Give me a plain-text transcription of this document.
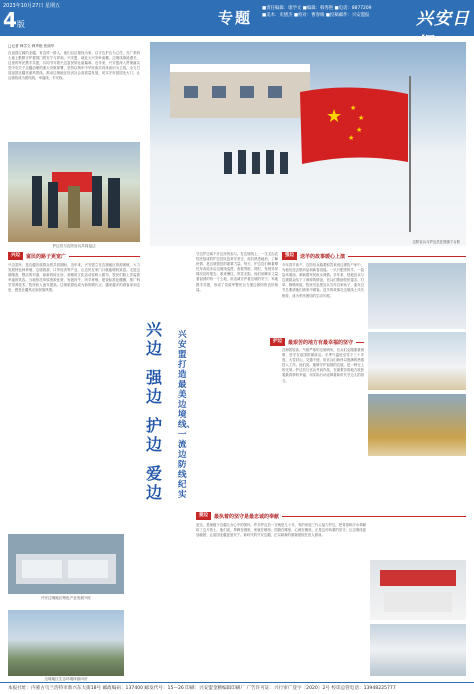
2023年10月27日 星期五
4版	专题
■责任编辑：康学文 ■编辑：韩秀艳 ■电话：8877209
■美术：史德杰 ■校对：曹春梅 ■投稿邮件：兴安盟报	兴安日
□记者 韩学文 韩秀艳 张丽华
在祖国辽阔的北疆，有这样一群人，他们以边境线为家，以守边护边为己任，在广袤的土地上默默守护着国门的安宁与祥和。兴安盟，地处大兴安岭南麓，边境线绵延漫长，这里的军民携手共建，共同书写着兴边富民的壮丽篇章。近年来，兴安盟深入贯彻落实党中央关于边疆治理的重大决策部署，坚持以铸牢中华民族共同体意识为主线，全力打造祖国北疆亮丽风景线，推动边境地区经济社会高质量发展，切实守好祖国北大门，让边境线成为团结线、幸福线、平安线。
★ ★
★
★
★
边防官兵与护边员在国旗下合影
护边员与边防官兵共同巡边
兴边	富民的路子更宽广
兴边富民，是边疆各族群众的共同期盼。近年来，兴安盟立足边境地区资源禀赋，大力发展特色种养殖、边境旅游、口岸经济等产业，让边民在家门口就能增收致富。走进边境嘎查，整洁的村道、崭新的砖瓦房、宽敞的文化活动室映入眼帘，牧民们脸上洋溢着幸福的笑容。当地依托草原资源优势，发展肉牛、肉羊养殖，建设标准化棚圈，推广科学饲养技术，牧民收入逐年提高。边境旅游也成为新的增长点，越来越多的游客来到这里，感受北疆风光和民族风情。
兴安边境地区特色产业发展兴旺
边境地区生态环境持续向好
兴边
强边
护边
爱边
兴安盟打造最美边境线、一流边防线纪实
守边护边离不开边民的参与。在边境线上，一支支由农牧民组成的护边员队伍常年坚守，他们熟悉地形，了解民情，是边境管控的重要力量。每天，护边员们骑着摩托车或徒步沿边境线巡逻，查看界桩、网栏，发现异常情况及时报告。寒来暑往，风雪无阻，他们用脚步丈量着祖国的每一寸土地，用忠诚守护着边境的安宁。军地携手共建，形成了党政军警民合力强边固防的良好格局。
强边	送羊的故事暖心上演
今年春节前夕，边防官兵踏着积雪来到边境牧户家中，为他们送去慰问品和新春祝福。一只只肥美的羊、一袋袋米面油，承载着军民鱼水深情。多年来，驻地官兵与边境群众结下了深厚的情谊，官兵们帮助牧民接羔、打草、修缮房屋，牧民们也把官兵当作自家孩子，逢年过节总要请他们到家中做客。送羊的故事在边境线上代代相传，成为军民团结的生动写照。
护边	最艰苦的地方有最幸福的坚守
在海拔较高、气候严寒的边境哨所，官兵们克服重重困难，坚守在祖国的最前沿。冬季气温低至零下三十多度，大雪封山，交通不便，但官兵们始终以饱满的热情投入工作。他们说，能够守护祖国的边境，是一种无上的光荣。护边员与官兵并肩作战，在最艰苦的地方收获着最真挚的幸福，用实际行动诠释着新时代守边人的担当。
爱边	最执着的坚守是最忠诚的奉献
爱边，是深植于边疆儿女心中的情怀。许多护边员一守就是几十年，有的家庭三代人接力护边，把青春和汗水奉献给了这片热土。他们说，界碑在哪里，家就在哪里；国旗在哪里，心就在哪里。正是这份执着的坚守，让边境线更加稳固，让祖国北疆更加安宁。新时代的兴安边疆，正以崭新的面貌展现在世人面前。
本报社址：内蒙古乌兰浩特市新兴东大街18号 邮政编码：137400 邮发代号：15—26 印刷：兴安盟金精编辑印刷厂 广告许可证：兴行审广登字〔2020〕2号 校读总管电话：13948225777
